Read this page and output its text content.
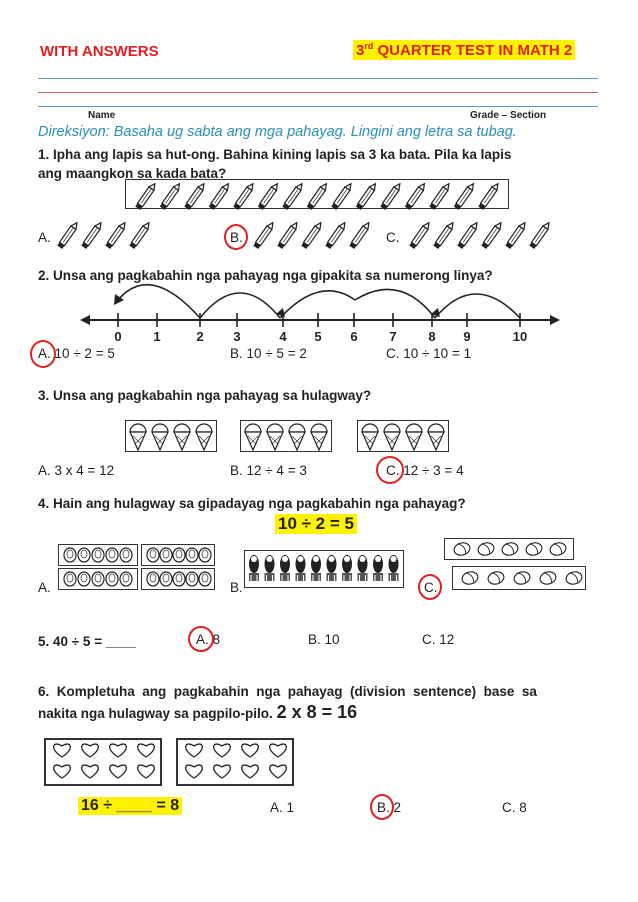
WITH ANSWERS	3rd QUARTER TEST IN MATH 2
Name	Grade – Section
Direksiyon: Basaha ug sabta ang mga pahayag. Lingini ang letra sa tubag.
1. Ipha ang lapis sa hut-ong. Bahina kining lapis sa 3 ka bata. Pila ka lapis
ang maangkon sa kada bata?
A.	B.	C.
2. Unsa ang pagkabahin nga pahayag nga gipakita sa numerong linya?
0 1	2 3	4 5 6 7 8 9	10
A. 10 ÷ 2 = 5	B. 10 ÷ 5 = 2	C. 10 ÷ 10 = 1
3. Unsa ang pagkabahin nga pahayag sa hulagway?
A. 3 x 4 = 12	B. 12 ÷ 4 = 3	C. 12 ÷ 3 = 4
4. Hain ang hulagway sa gipadayag nga pagkabahin nga pahayag?
10 ÷ 2 = 5
A.	B.	C.
5. 40 ÷ 5 = ____	A. 8	B. 10	C. 12
6.  Kompletuha  ang  pagkabahin  nga  pahayag  (division  sentence)  base  sa
nakita nga hulagway sa pagpilo-pilo. 2 x 8 = 16
16 ÷ ____ = 8	A. 1	B. 2	C. 8
